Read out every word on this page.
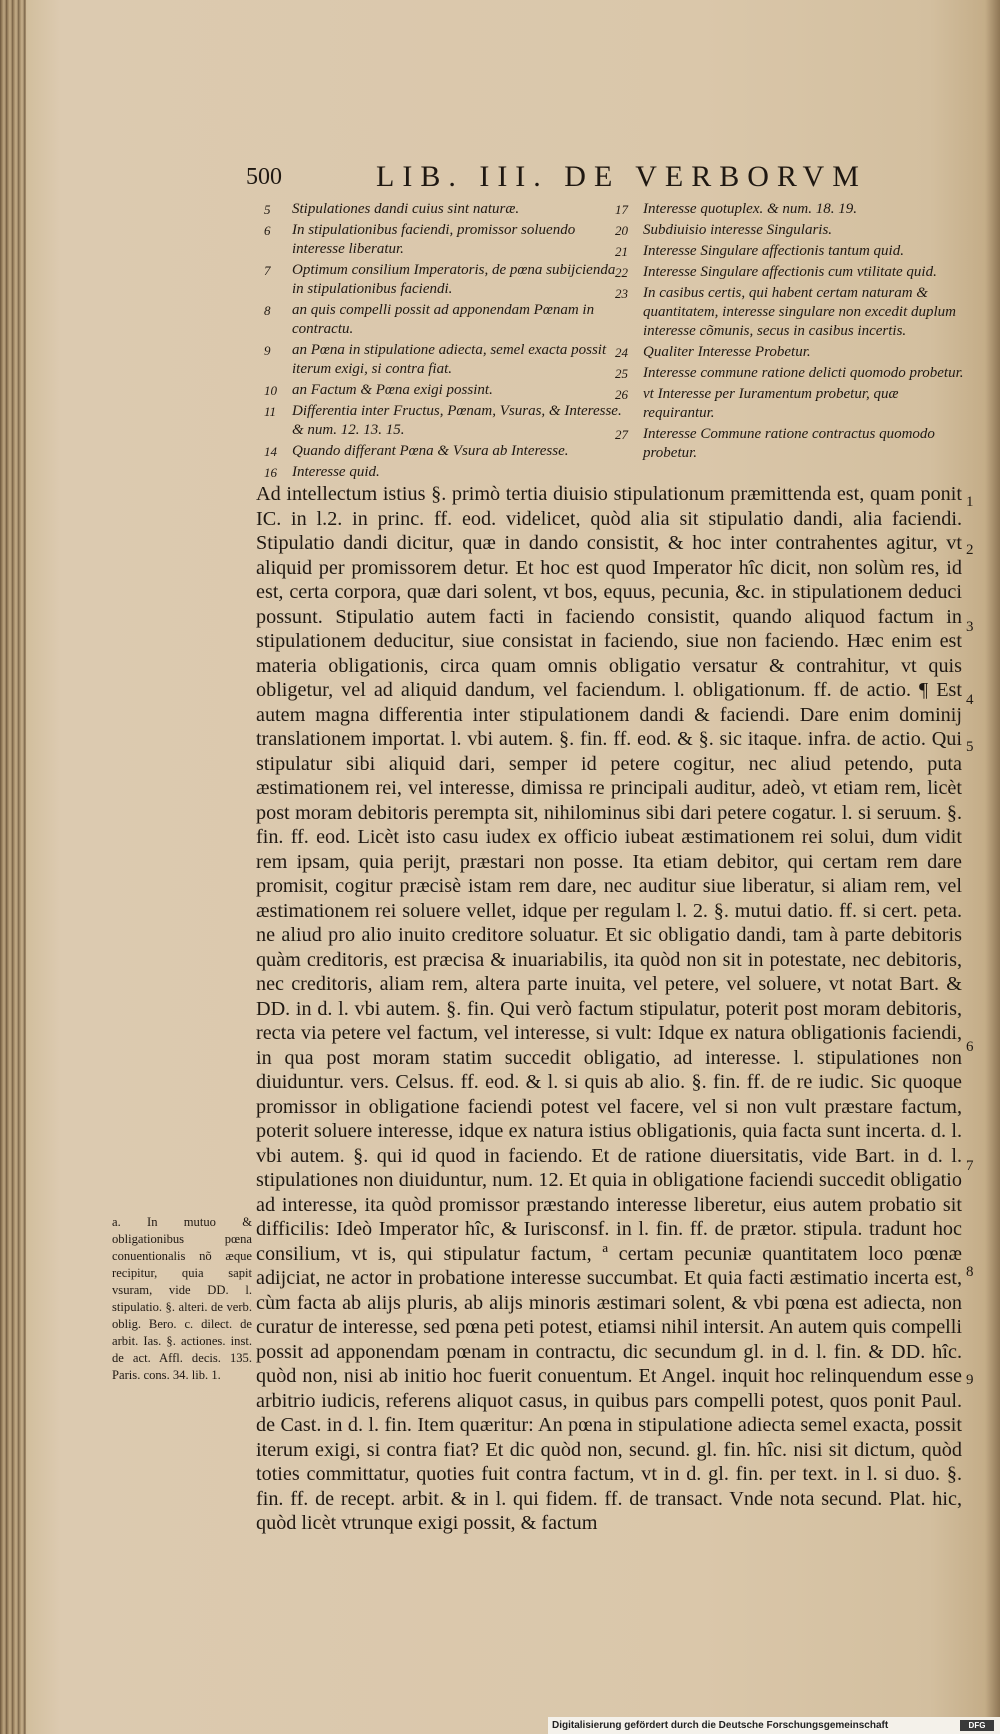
500	LIB. III. DE VERBORVM
5 Stipulationes dandi cuius sint naturæ.
6 In stipulationibus faciendi, promissor soluendo interesse liberatur.
7 Optimum consilium Imperatoris, de pœna subijcienda in stipulationibus faciendi.
8 an quis compelli possit ad apponendam Pœnam in contractu.
9 an Pœna in stipulatione adiecta, semel exacta possit iterum exigi, si contra fiat.
10 an Factum & Pœna exigi possint.
11 Differentia inter Fructus, Pœnam, Vsuras, & Interesse. & num. 12. 13. 15.
14 Quando differant Pœna & Vsura ab Interesse.
16 Interesse quid.
17 Interesse quotuplex. & num. 18. 19.
20 Subdiuisio interesse Singularis.
21 Interesse Singulare affectionis tantum quid.
22 Interesse Singulare affectionis cum vtilitate quid.
23 In casibus certis, qui habent certam naturam & quantitatem, interesse singulare non excedit duplum interesse cõmunis, secus in casibus incertis.
24 Qualiter Interesse Probetur.
25 Interesse commune ratione delicti quomodo probetur.
26 vt Interesse per Iuramentum probetur, quæ requirantur.
27 Interesse Commune ratione contractus quomodo probetur.

Ad intellectum istius §. primò tertia diuisio stipulationum præmittenda est, quam ponit IC. in l.2. in princ. ff. eod. videlicet, quòd alia sit stipulatio dandi, alia faciendi. Stipulatio dandi dicitur, quæ in dando consistit, & hoc inter contrahentes agitur, vt aliquid per promissorem detur. Et hoc est quod Imperator hîc dicit, non solùm res, id est, certa corpora, quæ dari solent, vt bos, equus, pecunia, &c. in stipulationem deduci possunt. Stipulatio autem facti in faciendo consistit, quando aliquod factum in stipulationem deducitur, siue consistat in faciendo, siue non faciendo. Hæc enim est materia obligationis, circa quam omnis obligatio versatur & contrahitur, vt quis obligetur, vel ad aliquid dandum, vel faciendum. l. obligationum. ff. de actio. ¶ Est autem magna differentia inter stipulationem dandi & faciendi. Dare enim dominij translationem importat. l. vbi autem. §. fin. ff. eod. & §. sic itaque. infra. de actio. Qui stipulatur sibi aliquid dari, semper id petere cogitur, nec aliud petendo, puta æstimationem rei, vel interesse, dimissa re principali auditur, adeò, vt etiam rem, licèt post moram debitoris perempta sit, nihilominus sibi dari petere cogatur. l. si seruum. §. fin. ff. eod. Licèt isto casu iudex ex officio iubeat æstimationem rei solui, dum vidit rem ipsam, quia perijt, præstari non posse. Ita etiam debitor, qui certam rem dare promisit, cogitur præcisè istam rem dare, nec auditur siue liberatur, si aliam rem, vel æstimationem rei soluere vellet, idque per regulam l. 2. §. mutui datio. ff. si cert. peta. ne aliud pro alio inuito creditore soluatur. Et sic obligatio dandi, tam à parte debitoris quàm creditoris, est præcisa & inuariabilis, ita quòd non sit in potestate, nec debitoris, nec creditoris, aliam rem, altera parte inuita, vel petere, vel soluere, vt notat Bart. & DD. in d. l. vbi autem. §. fin. Qui verò factum stipulatur, poterit post moram debitoris, recta via petere vel factum, vel interesse, si vult: Idque ex natura obligationis faciendi, in qua post moram statim succedit obligatio, ad interesse. l. stipulationes non diuiduntur. vers. Celsus. ff. eod. & l. si quis ab alio. §. fin. ff. de re iudic. Sic quoque promissor in obligatione faciendi potest vel facere, vel si non vult præstare factum, poterit soluere interesse, idque ex natura istius obligationis, quia facta sunt incerta. d. l. vbi autem. §. qui id quod in faciendo. Et de ratione diuersitatis, vide Bart. in d. l. stipulationes non diuiduntur, num. 12. Et quia in obligatione faciendi succedit obligatio ad interesse, ita quòd promissor præstando interesse liberetur, eius autem probatio sit difficilis: Ideò Imperator hîc, & Iurisconsf. in l. fin. ff. de prætor. stipula. tradunt hoc consilium, vt is, qui stipulatur factum, ª certam pecuniæ quantitatem loco pœnæ adijciat, ne actor in probatione interesse succumbat. Et quia facti æstimatio incerta est, cùm facta ab alijs pluris, ab alijs minoris æstimari solent, & vbi pœna est adiecta, non curatur de interesse, sed pœna peti potest, etiamsi nihil intersit. An autem quis compelli possit ad apponendam pœnam in contractu, dic secundum gl. in d. l. fin. & DD. hîc. quòd non, nisi ab initio hoc fuerit conuentum. Et Angel. inquit hoc relinquendum esse arbitrio iudicis, referens aliquot casus, in quibus pars compelli potest, quos ponit Paul. de Cast. in d. l. fin. Item quæritur: An pœna in stipulatione adiecta semel exacta, possit iterum exigi, si contra fiat? Et dic quòd non, secund. gl. fin. hîc. nisi sit dictum, quòd toties committatur, quoties fuit contra factum, vt in d. gl. fin. per text. in l. si duo. §. fin. ff. de recept. arbit. & in l. qui fidem. ff. de transact. Vnde nota secund. Plat. hic, quòd licèt vtrunque exigi possit, & factum

1
2
3
4
5
6
7
8
9
a. In mutuo & obligationibus pœna conuentionalis nõ æque recipitur, quia sapit vsuram, vide DD. l. stipulatio. §. alteri. de verb. oblig. Bero. c. dilect. de arbit. Ias. §. actiones. inst. de act. Affl. decis. 135. Paris. cons. 34. lib. 1.
Digitalisierung gefördert durch die Deutsche Forschungsgemeinschaft	DFG
